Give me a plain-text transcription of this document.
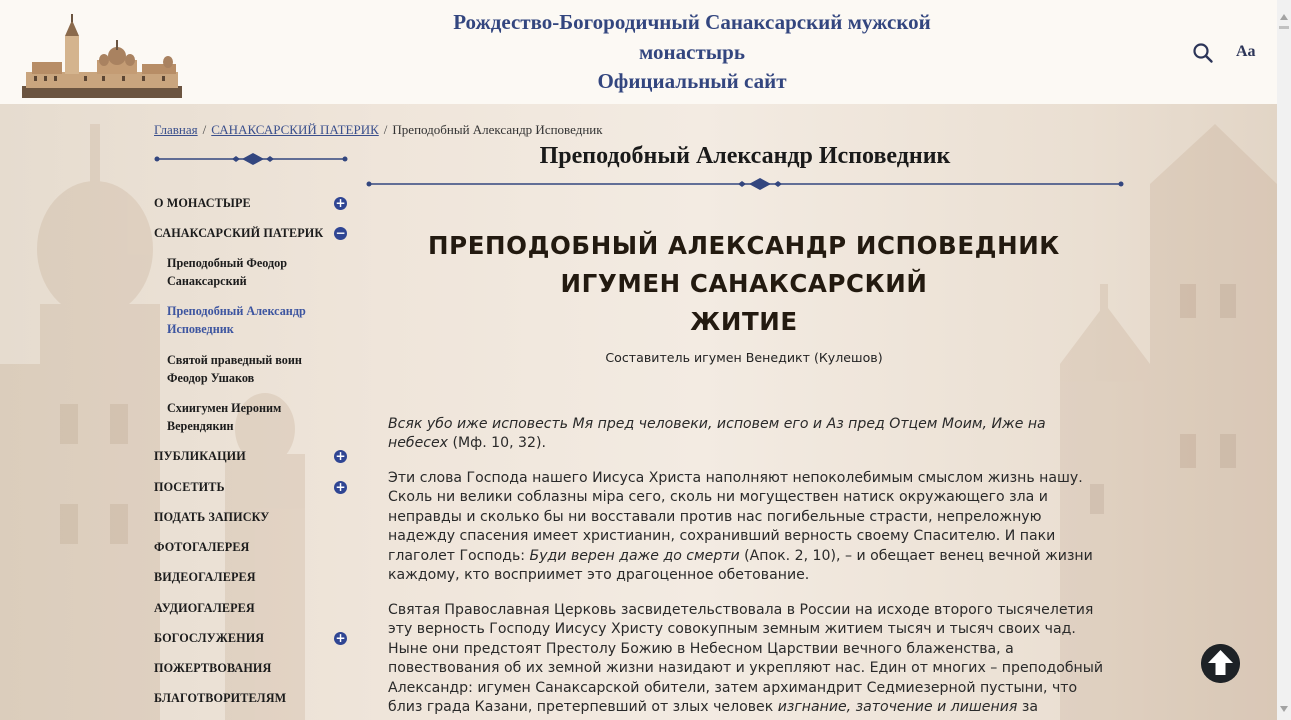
Рождество-Богородичный Санаксарский мужской
монастырь
Официальный сайт
Aa
Главная / САНАКСАРСКИЙ ПАТЕРИК / Преподобный Александр Исповедник
О МОНАСТЫРЕ	+
САНАКСАРСКИЙ ПАТЕРИК −
Преподобный Феодор
Санаксарский
Преподобный Александр
Исповедник
Святой праведный воин
Феодор Ушаков
Схиигумен Иероним
Верендякин
ПУБЛИКАЦИИ	+
ПОСЕТИТЬ	+
ПОДАТЬ ЗАПИСКУ
ФОТОГАЛЕРЕЯ
ВИДЕОГАЛЕРЕЯ
АУДИОГАЛЕРЕЯ
БОГОСЛУЖЕНИЯ	+
ПОЖЕРТВОВАНИЯ
БЛАГОТВОРИТЕЛЯМ
Преподобный Александр Исповедник
ПРЕПОДОБНЫЙ АЛЕКСАНДР ИСПОВЕДНИК
ИГУМЕН САНАКСАРСКИЙ
ЖИТИЕ
Составитель игумен Венедикт (Кулешов)
Всяк убо иже исповесть Мя пред человеки, исповем его и Аз пред Отцем Моим, Иже на небесех (Мф. 10, 32).
Эти слова Господа нашего Иисуса Христа наполняют непоколебимым смыслом жизнь нашу. Сколь ни велики соблазны міра сего, сколь ни могуществен натиск окружающего зла и неправды и сколько бы ни восставали против нас погибельные страсти, непреложную надежду спасения имеет христианин, сохранивший верность своему Спасителю. И паки глаголет Господь: Буди верен даже до смерти (Апок. 2, 10), – и обещает венец вечной жизни каждому, кто восприимет это драгоценное обетование.
Святая Православная Церковь засвидетельствовала в России на исходе второго тысячелетия эту верность Господу Иисусу Христу совокупным земным житием тысяч и тысяч своих чад. Ныне они предстоят Престолу Божию в Небесном Царствии вечного блаженства, а повествования об их земной жизни назидают и укрепляют нас. Един от многих – преподобный Александр: игумен Санаксарской обители, затем архимандрит Седмиезерной пустыни, что близ града Казани, претерпевший от злых человек изгнание, заточение и лишения за
